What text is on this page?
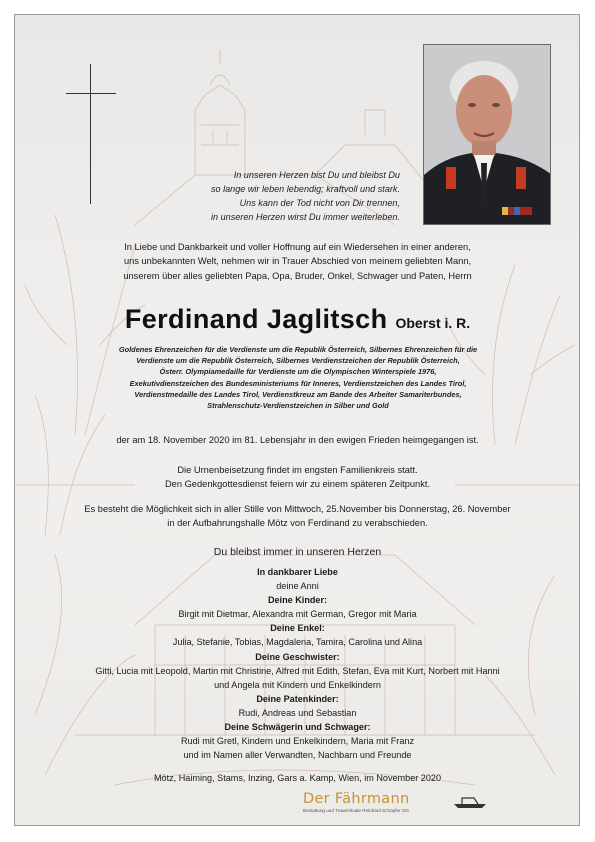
In unseren Herzen bist Du und bleibst Du
so lange wir leben lebendig; kraftvoll und stark.
Uns kann der Tod nicht von Dir trennen,
in unseren Herzen wirst Du immer weiterleben.
In Liebe und Dankbarkeit und voller Hoffnung auf ein Wiedersehen in einer anderen,
uns unbekannten Welt, nehmen wir in Trauer Abschied von meinem geliebten Mann,
unserem über alles geliebten Papa, Opa, Bruder, Onkel, Schwager und Paten, Herrn
Ferdinand Jaglitsch Oberst i. R.
Goldenes Ehrenzeichen für die Verdienste um die Republik Österreich, Silbernes Ehrenzeichen für die
Verdienste um die Republik Österreich, Silbernes Verdienstzeichen der Republik Österreich,
Österr. Olympiamedaille für Verdienste um die Olympischen Winterspiele 1976,
Exekutivdienstzeichen des Bundesministeriums für Inneres, Verdienstzeichen des Landes Tirol,
Verdienstmedaille des Landes Tirol, Verdienstkreuz am Bande des Arbeiter Samariterbundes,
Strahlenschutz-Verdienstzeichen in Silber und Gold
der am 18. November 2020 im 81. Lebensjahr in den ewigen Frieden heimgegangen ist.
Die Urnenbeisetzung findet im engsten Familienkreis statt.
Den Gedenkgottesdienst feiern wir zu einem späteren Zeitpunkt.
Es besteht die Möglichkeit sich in aller Stille von Mittwoch, 25.November bis Donnerstag, 26. November
in der Aufbahrungshalle Mötz von Ferdinand zu verabschieden.
Du bleibst immer in unseren Herzen
In dankbarer Liebe
deine Anni
Deine Kinder:
Birgit mit Dietmar, Alexandra mit German, Gregor mit Maria
Deine Enkel:
Julia, Stefanie, Tobias, Magdalena, Tamira, Carolina und Alina
Deine Geschwister:
Gitti, Lucia mit Leopold, Martin mit Christine, Alfred mit Edith, Stefan, Eva mit Kurt, Norbert mit Hanni
und Angela mit Kindern und Enkelkindern
Deine Patenkinder:
Rudi, Andreas und Sebastian
Deine Schwägerin und Schwager:
Rudi mit Gretl, Kindern und Enkelkindern, Maria mit Franz
und im Namen aller Verwandten, Nachbarn und Freunde
Mötz, Haiming, Stams, Inzing, Gars a. Kamp, Wien, im November 2020
Der Fährmann
Bestattung und Trauerrituale Reinhard Schöpfer OG
